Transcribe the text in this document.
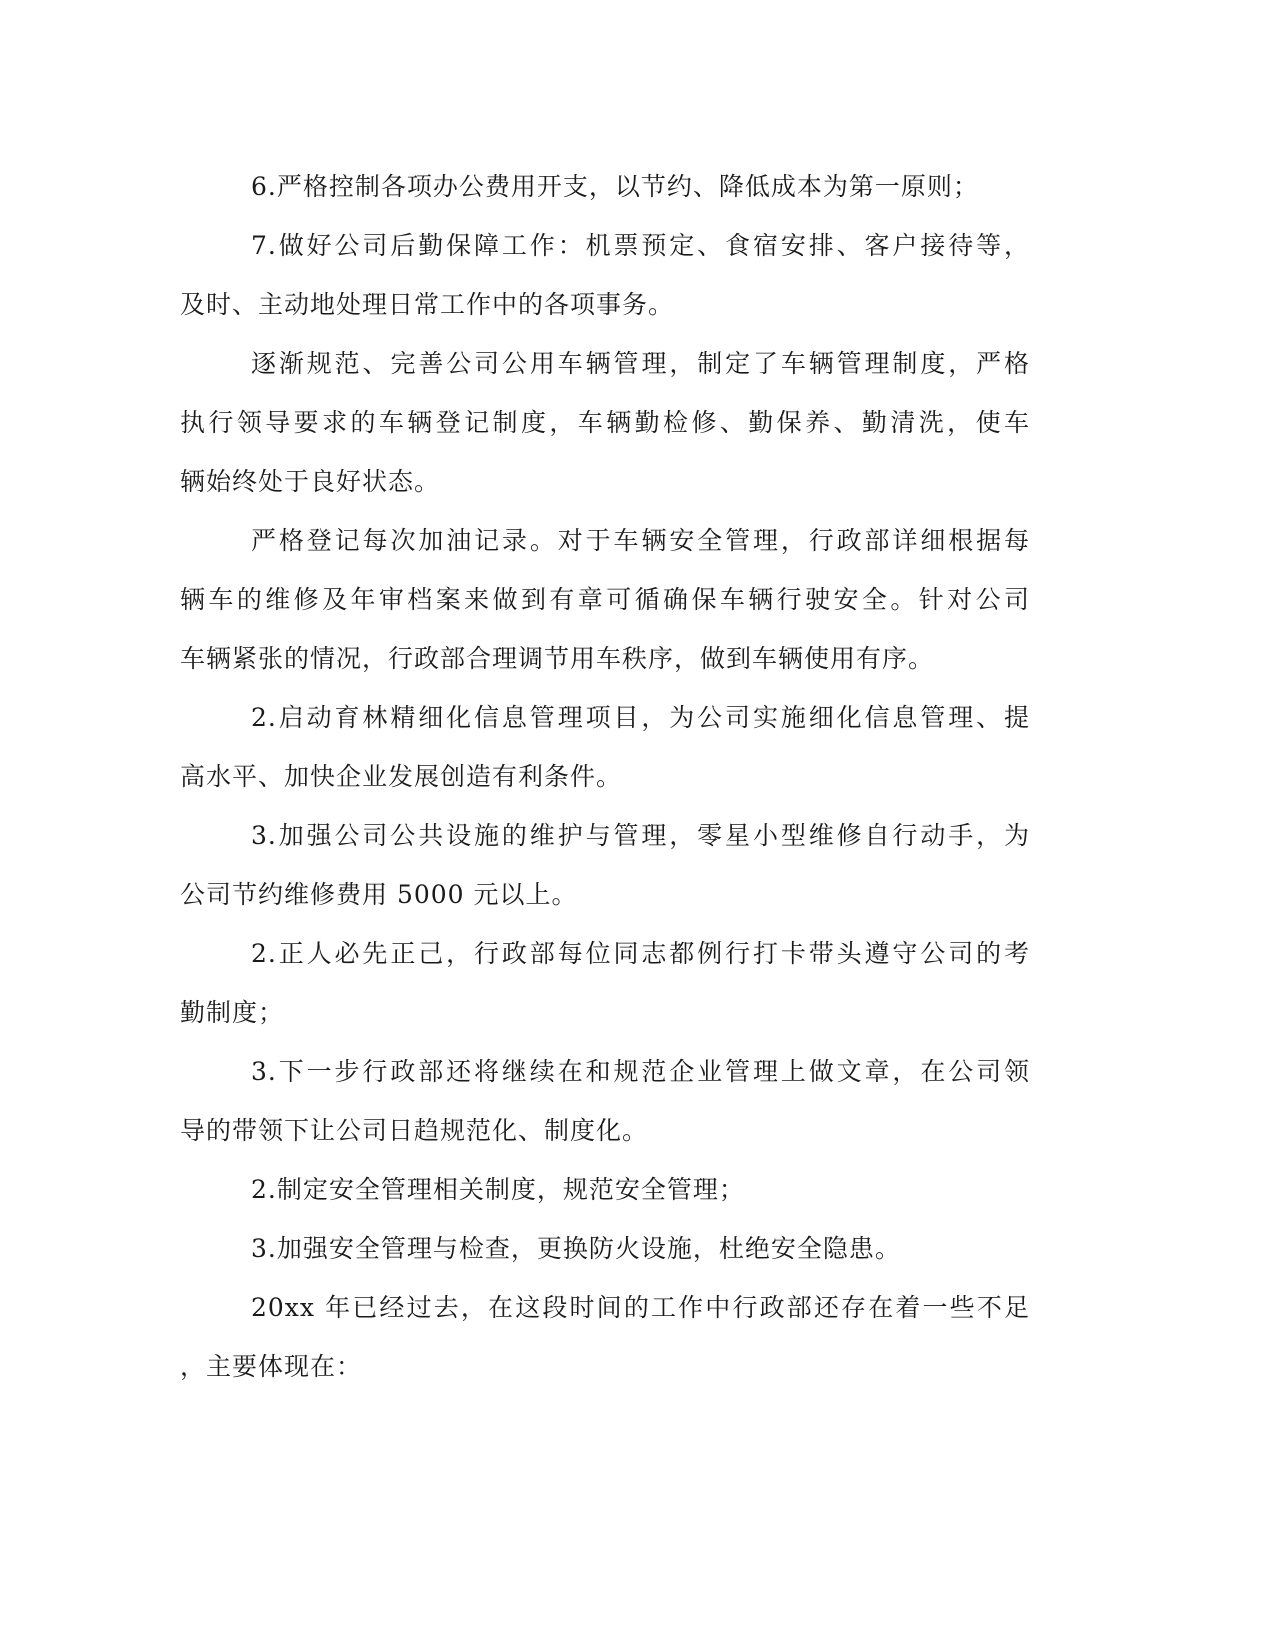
6.严格控制各项办公费用开支，以节约、降低成本为第一原则；
7.做好公司后勤保障工作：机票预定、食宿安排、客户接待等，
及时、主动地处理日常工作中的各项事务。
逐渐规范、完善公司公用车辆管理，制定了车辆管理制度，严格
执行领导要求的车辆登记制度，车辆勤检修、勤保养、勤清洗，使车
辆始终处于良好状态。
严格登记每次加油记录。对于车辆安全管理，行政部详细根据每
辆车的维修及年审档案来做到有章可循确保车辆行驶安全。针对公司
车辆紧张的情况，行政部合理调节用车秩序，做到车辆使用有序。
2.启动育林精细化信息管理项目，为公司实施细化信息管理、提
高水平、加快企业发展创造有利条件。
3.加强公司公共设施的维护与管理，零星小型维修自行动手，为
公司节约维修费用 5000 元以上。
2.正人必先正己，行政部每位同志都例行打卡带头遵守公司的考
勤制度；
3.下一步行政部还将继续在和规范企业管理上做文章，在公司领
导的带领下让公司日趋规范化、制度化。
2.制定安全管理相关制度，规范安全管理；
3.加强安全管理与检查，更换防火设施，杜绝安全隐患。
20xx 年已经过去，在这段时间的工作中行政部还存在着一些不足
，主要体现在：
